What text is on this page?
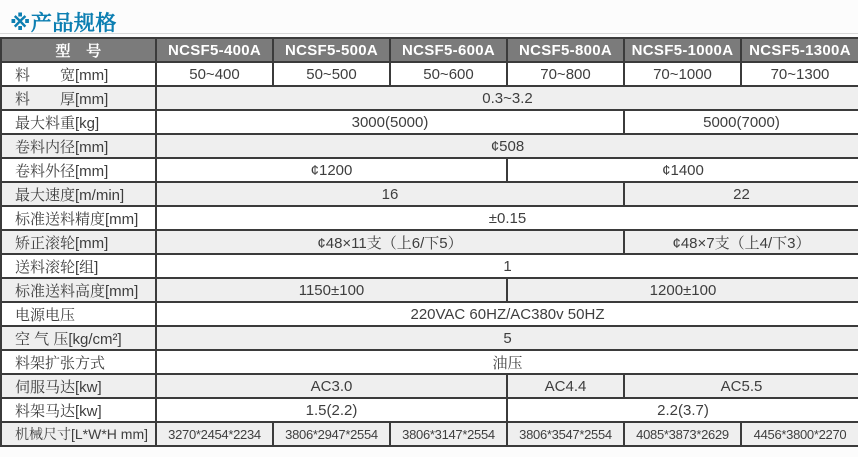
※产品规格
型　号	NCSF5-400A	NCSF5-500A	NCSF5-600A	NCSF5-800A	NCSF5-1000A	NCSF5-1300A
料　　宽[mm]	50~400	50~500	50~600	70~800	70~1000	70~1300
料　　厚[mm]	0.3~3.2					
最大料重[kg]	3000(5000)				5000(7000)	
卷料内径[mm]	¢508					
卷料外径[mm]	¢1200			¢1400		
最大速度[m/min]	16				22	
标准送料精度[mm]	±0.15					
矫正滚轮[mm]	¢48×11支（上6/下5）				¢48×7支（上4/下3）	
送料滚轮[组]	1					
标准送料高度[mm]	1150±100			1200±100		
电源电压	220VAC 60HZ/AC380v 50HZ					
空 气 压[kg/cm²]	5					
料架扩张方式	油压					
伺服马达[kw]	AC3.0			AC4.4	AC5.5	
料架马达[kw]	1.5(2.2)			2.2(3.7)		
机械尺寸[L*W*H mm]	3270*2454*2234	3806*2947*2554	3806*3147*2554	3806*3547*2554	4085*3873*2629	4456*3800*2270
